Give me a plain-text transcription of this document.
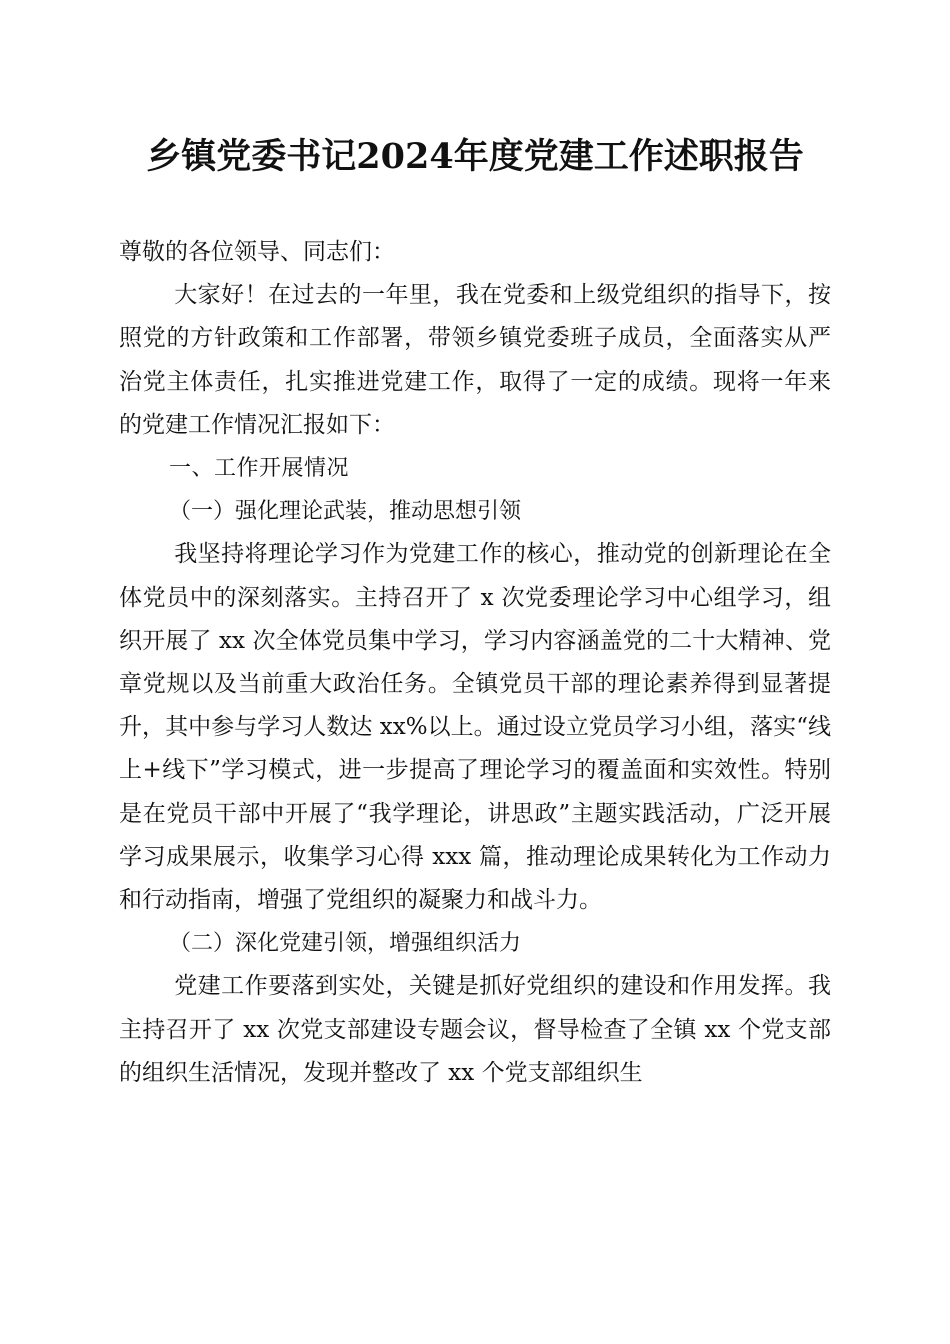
乡镇党委书记2024年度党建工作述职报告

尊敬的各位领导、同志们：

大家好！在过去的一年里，我在党委和上级党组织的指导下，按照党的方针政策和工作部署，带领乡镇党委班子成员，全面落实从严治党主体责任，扎实推进党建工作，取得了一定的成绩。现将一年来的党建工作情况汇报如下：

一、工作开展情况

（一）强化理论武装，推动思想引领

我坚持将理论学习作为党建工作的核心，推动党的创新理论在全体党员中的深刻落实。主持召开了 x 次党委理论学习中心组学习，组织开展了 xx 次全体党员集中学习，学习内容涵盖党的二十大精神、党章党规以及当前重大政治任务。全镇党员干部的理论素养得到显著提升，其中参与学习人数达 xx%以上。通过设立党员学习小组，落实“线上+线下”学习模式，进一步提高了理论学习的覆盖面和实效性。特别是在党员干部中开展了“我学理论，讲思政”主题实践活动，广泛开展学习成果展示，收集学习心得 xxx 篇，推动理论成果转化为工作动力和行动指南，增强了党组织的凝聚力和战斗力。

（二）深化党建引领，增强组织活力

党建工作要落到实处，关键是抓好党组织的建设和作用发挥。我主持召开了 xx 次党支部建设专题会议，督导检查了全镇 xx 个党支部的组织生活情况，发现并整改了 xx 个党支部组织生
